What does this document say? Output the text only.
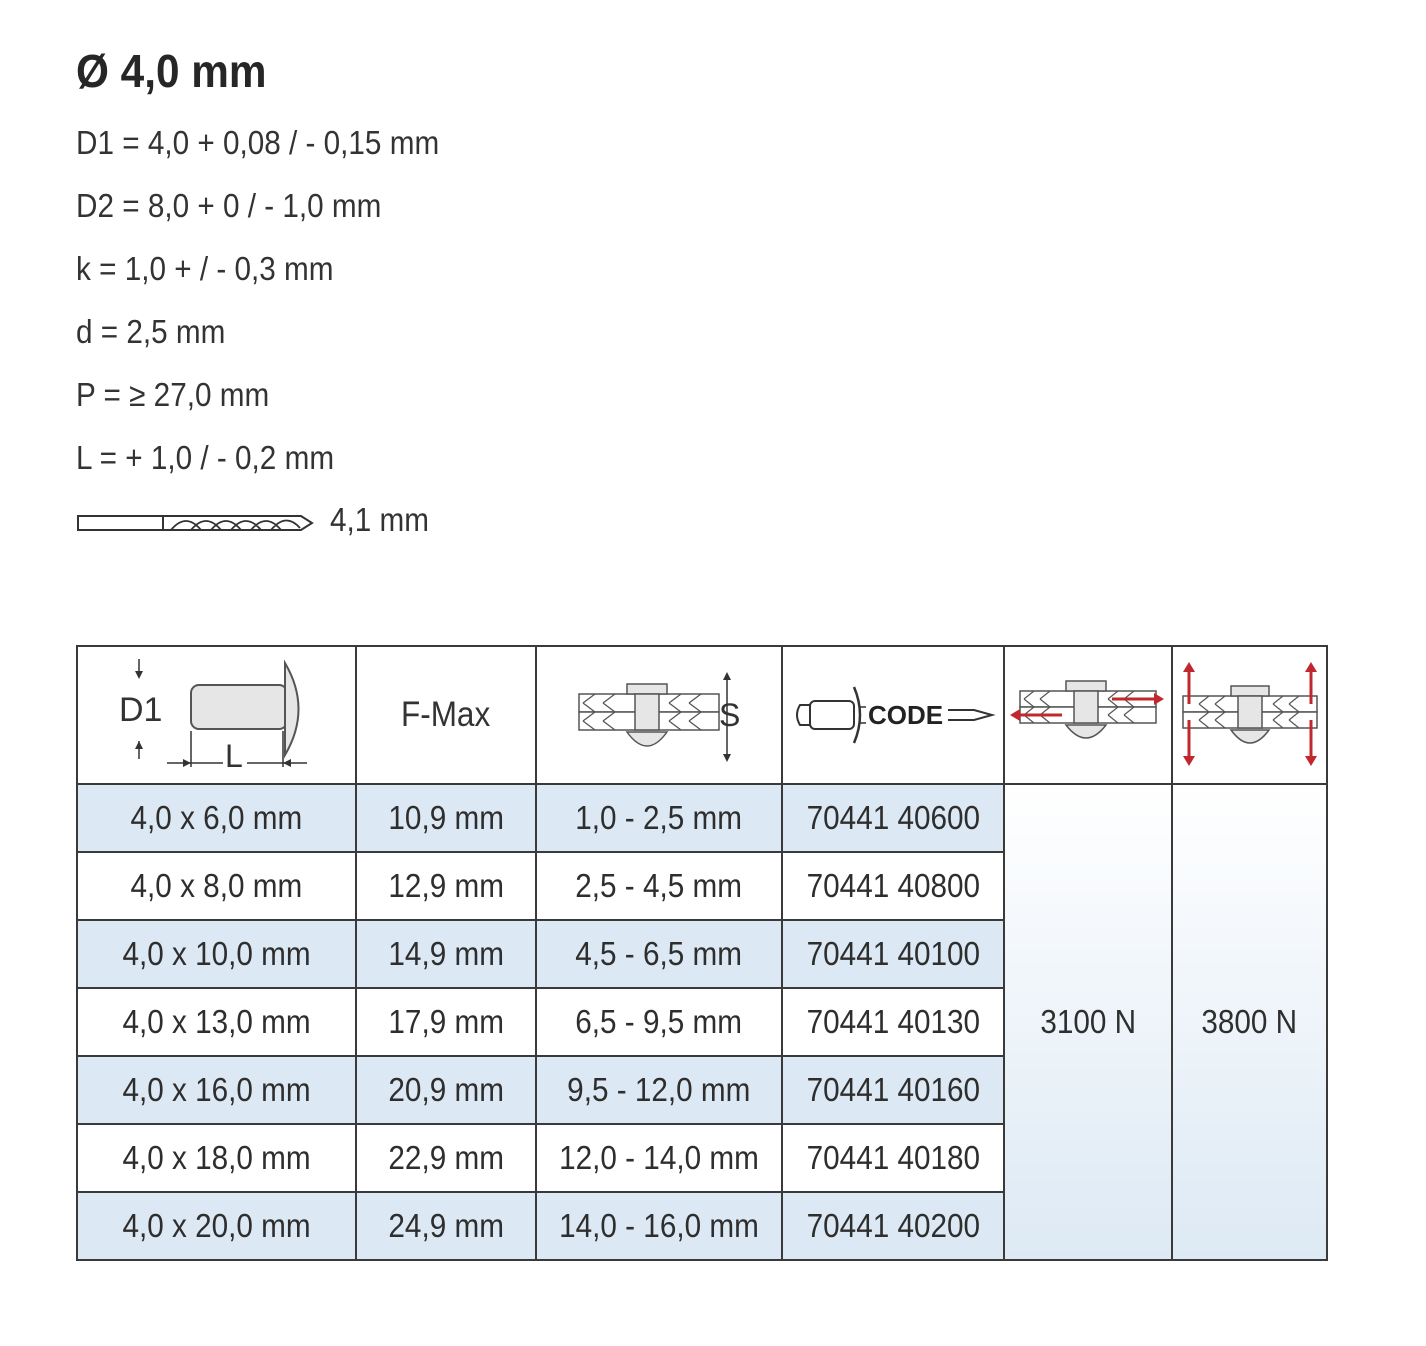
Ø 4,0 mm
D1 = 4,0 + 0,08 / - 0,15 mm
D2 = 8,0 + 0 / - 1,0 mm
k = 1,0 + / - 0,3 mm
d = 2,5 mm
P = ≥ 27,0 mm
L = + 1,0 / - 0,2 mm
4,1 mm
D1
L	F-Max	S	CODE

4,0 x 6,0 mm	10,9 mm	1,0 - 2,5 mm	70441 40600	3100 N	3800 N
4,0 x 8,0 mm	12,9 mm	2,5 - 4,5 mm	70441 40800		
4,0 x 10,0 mm	14,9 mm	4,5 - 6,5 mm	70441 40100		
4,0 x 13,0 mm	17,9 mm	6,5 - 9,5 mm	70441 40130		
4,0 x 16,0 mm	20,9 mm	9,5 - 12,0 mm	70441 40160		
4,0 x 18,0 mm	22,9 mm	12,0 - 14,0 mm	70441 40180		
4,0 x 20,0 mm	24,9 mm	14,0 - 16,0 mm	70441 40200		
